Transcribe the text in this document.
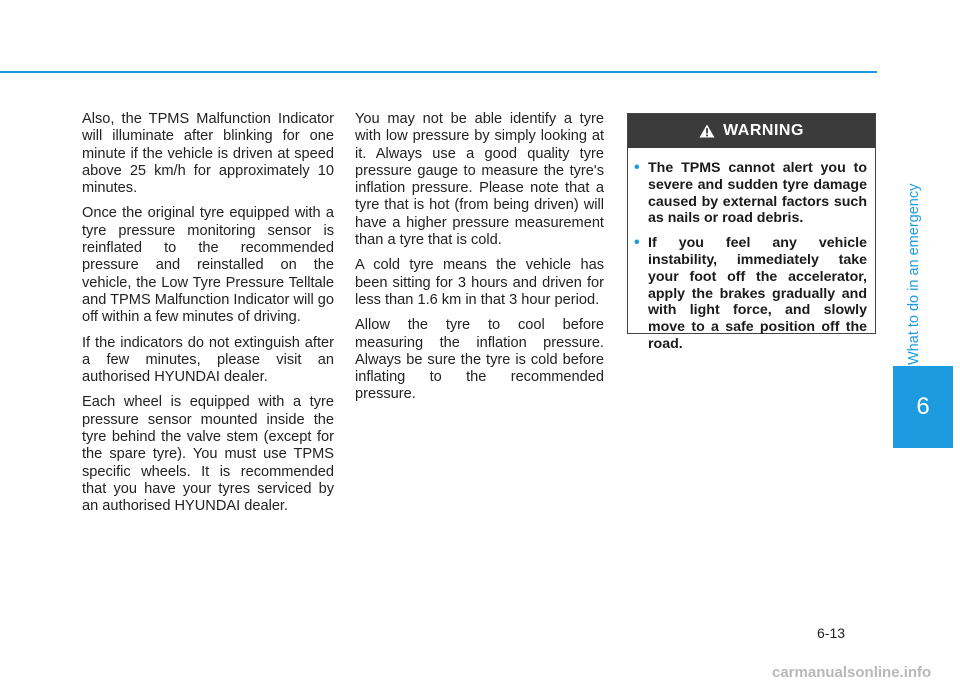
Also, the TPMS Malfunction Indicator will illuminate after blinking for one minute if the vehicle is driven at speed above 25 km/h for approximately 10 minutes.

Once the original tyre equipped with a tyre pressure monitoring sensor is reinflated to the recommended pressure and reinstalled on the vehicle, the Low Tyre Pressure Telltale and TPMS Malfunction Indicator will go off within a few minutes of driving.

If the indicators do not extinguish after a few minutes, please visit an authorised HYUNDAI dealer.

Each wheel is equipped with a tyre pressure sensor mounted inside the tyre behind the valve stem (except for the spare tyre). You must use TPMS specific wheels. It is recommended that you have your tyres serviced by an authorised HYUNDAI dealer.

You may not be able identify a tyre with low pressure by simply looking at it. Always use a good quality tyre pressure gauge to measure the tyre's inflation pressure. Please note that a tyre that is hot (from being driven) will have a higher pressure measurement than a tyre that is cold.

A cold tyre means the vehicle has been sitting for 3 hours and driven for less than 1.6 km in that 3 hour period.

Allow the tyre to cool before measuring the inflation pressure. Always be sure the tyre is cold before inflating to the recommended pressure.

WARNING
• The TPMS cannot alert you to severe and sudden tyre damage caused by external factors such as nails or road debris.
• If you feel any vehicle instability, immediately take your foot off the accelerator, apply the brakes gradually and with light force, and slowly move to a safe position off the road.	What to do in an emergency
6
6-13
carmanualsonline.info
